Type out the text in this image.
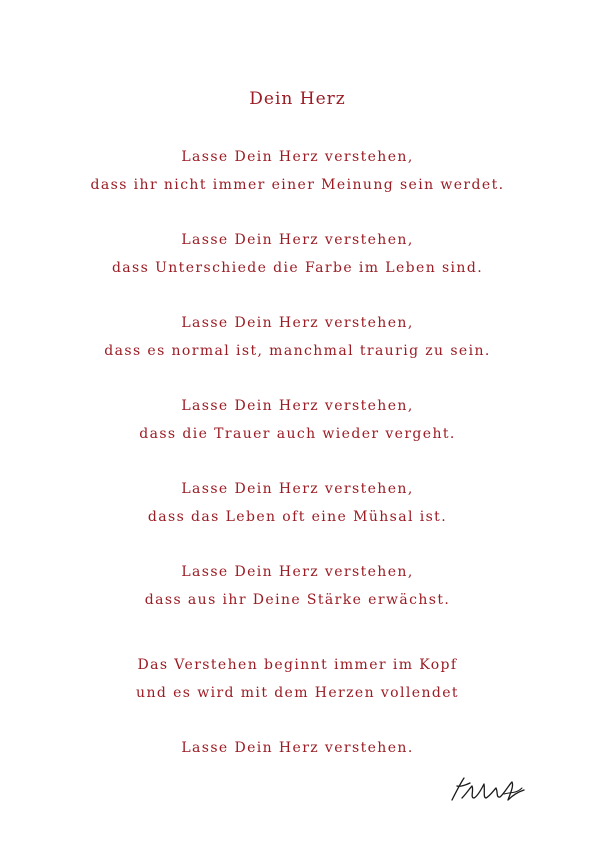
Dein Herz
Lasse Dein Herz verstehen,
dass ihr nicht immer einer Meinung sein werdet.
Lasse Dein Herz verstehen,
dass Unterschiede die Farbe im Leben sind.
Lasse Dein Herz verstehen,
dass es normal ist, manchmal traurig zu sein.
Lasse Dein Herz verstehen,
dass die Trauer auch wieder vergeht.
Lasse Dein Herz verstehen,
dass das Leben oft eine Mühsal ist.
Lasse Dein Herz verstehen,
dass aus ihr Deine Stärke erwächst.
Das Verstehen beginnt immer im Kopf
und es wird mit dem Herzen vollendet
Lasse Dein Herz verstehen.
